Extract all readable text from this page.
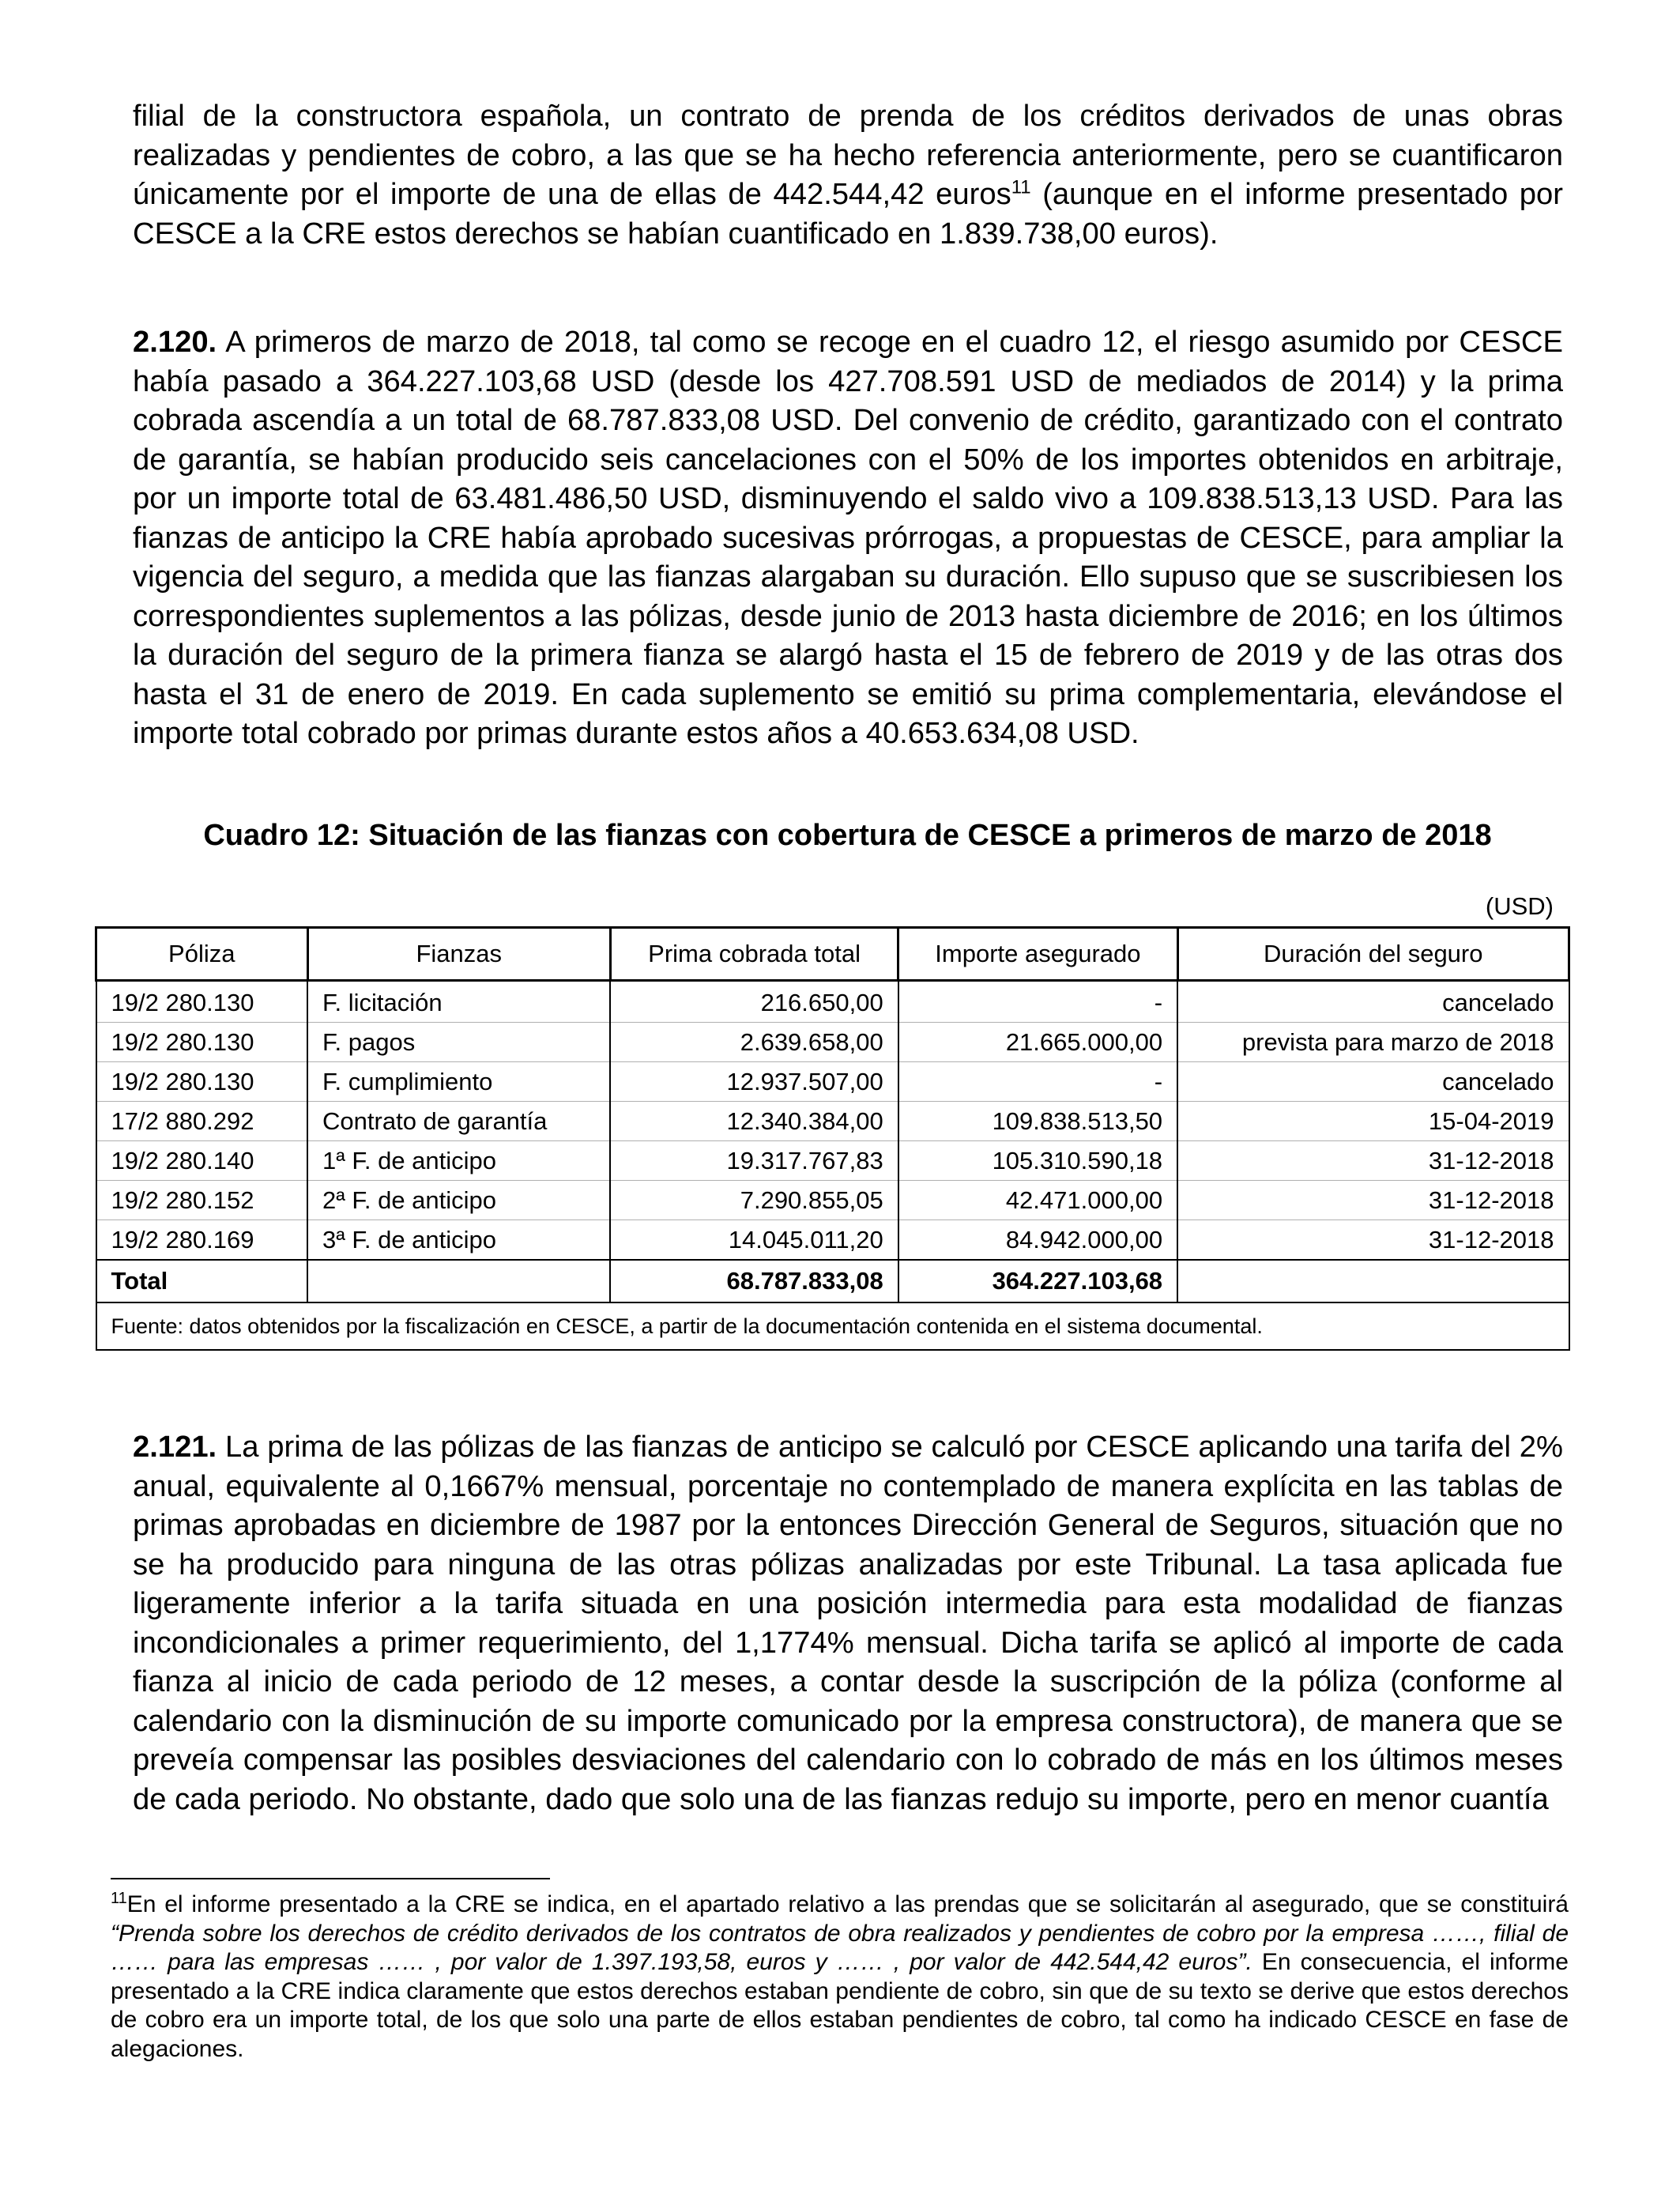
filial de la constructora española, un contrato de prenda de los créditos derivados de unas obras realizadas y pendientes de cobro, a las que se ha hecho referencia anteriormente, pero se cuantificaron únicamente por el importe de una de ellas de 442.544,42 euros$^{11}$ (aunque en el informe presentado por CESCE a la CRE estos derechos se habían cuantificado en 1.839.738,00 euros).
2.120. A primeros de marzo de 2018, tal como se recoge en el cuadro 12, el riesgo asumido por CESCE había pasado a 364.227.103,68 USD (desde los 427.708.591 USD de mediados de 2014) y la prima cobrada ascendía a un total de 68.787.833,08 USD. Del convenio de crédito, garantizado con el contrato de garantía, se habían producido seis cancelaciones con el 50% de los importes obtenidos en arbitraje, por un importe total de 63.481.486,50 USD, disminuyendo el saldo vivo a 109.838.513,13 USD. Para las fianzas de anticipo la CRE había aprobado sucesivas prórrogas, a propuestas de CESCE, para ampliar la vigencia del seguro, a medida que las fianzas alargaban su duración. Ello supuso que se suscribiesen los correspondientes suplementos a las pólizas, desde junio de 2013 hasta diciembre de 2016; en los últimos la duración del seguro de la primera fianza se alargó hasta el 15 de febrero de 2019 y de las otras dos hasta el 31 de enero de 2019. En cada suplemento se emitió su prima complementaria, elevándose el importe total cobrado por primas durante estos años a 40.653.634,08 USD.
Cuadro 12: Situación de las fianzas con cobertura de CESCE a primeros de marzo de 2018
(USD)
Póliza	Fianzas	Prima cobrada total	Importe asegurado	Duración del seguro
19/2 280.130	F. licitación	216.650,00	-	cancelado
19/2 280.130	F. pagos	2.639.658,00	21.665.000,00	prevista para marzo de 2018
19/2 280.130	F. cumplimiento	12.937.507,00	-	cancelado
17/2 880.292	Contrato de garantía	12.340.384,00	109.838.513,50	15-04-2019
19/2 280.140	1ª F. de anticipo	19.317.767,83	105.310.590,18	31-12-2018
19/2 280.152	2ª F. de anticipo	7.290.855,05	42.471.000,00	31-12-2018
19/2 280.169	3ª F. de anticipo	14.045.011,20	84.942.000,00	31-12-2018
Total		68.787.833,08	364.227.103,68	
Fuente: datos obtenidos por la fiscalización en CESCE, a partir de la documentación contenida en el sistema documental.				
2.121. La prima de las pólizas de las fianzas de anticipo se calculó por CESCE aplicando una tarifa del 2% anual, equivalente al 0,1667% mensual, porcentaje no contemplado de manera explícita en las tablas de primas aprobadas en diciembre de 1987 por la entonces Dirección General de Seguros, situación que no se ha producido para ninguna de las otras pólizas analizadas por este Tribunal. La tasa aplicada fue ligeramente inferior a la tarifa situada en una posición intermedia para esta modalidad de fianzas incondicionales a primer requerimiento, del 1,1774% mensual. Dicha tarifa se aplicó al importe de cada fianza al inicio de cada periodo de 12 meses, a contar desde la suscripción de la póliza (conforme al calendario con la disminución de su importe comunicado por la empresa constructora), de manera que se preveía compensar las posibles desviaciones del calendario con lo cobrado de más en los últimos meses de cada periodo. No obstante, dado que solo una de las fianzas redujo su importe, pero en menor cuantía
$^{11}$En el informe presentado a la CRE se indica, en el apartado relativo a las prendas que se solicitarán al asegurado, que se constituirá “Prenda sobre los derechos de crédito derivados de los contratos de obra realizados y pendientes de cobro por la empresa ……, filial de …… para las empresas …… , por valor de 1.397.193,58, euros y …… , por valor de 442.544,42 euros”. En consecuencia, el informe presentado a la CRE indica claramente que estos derechos estaban pendiente de cobro, sin que de su texto se derive que estos derechos de cobro era un importe total, de los que solo una parte de ellos estaban pendientes de cobro, tal como ha indicado CESCE en fase de alegaciones.
